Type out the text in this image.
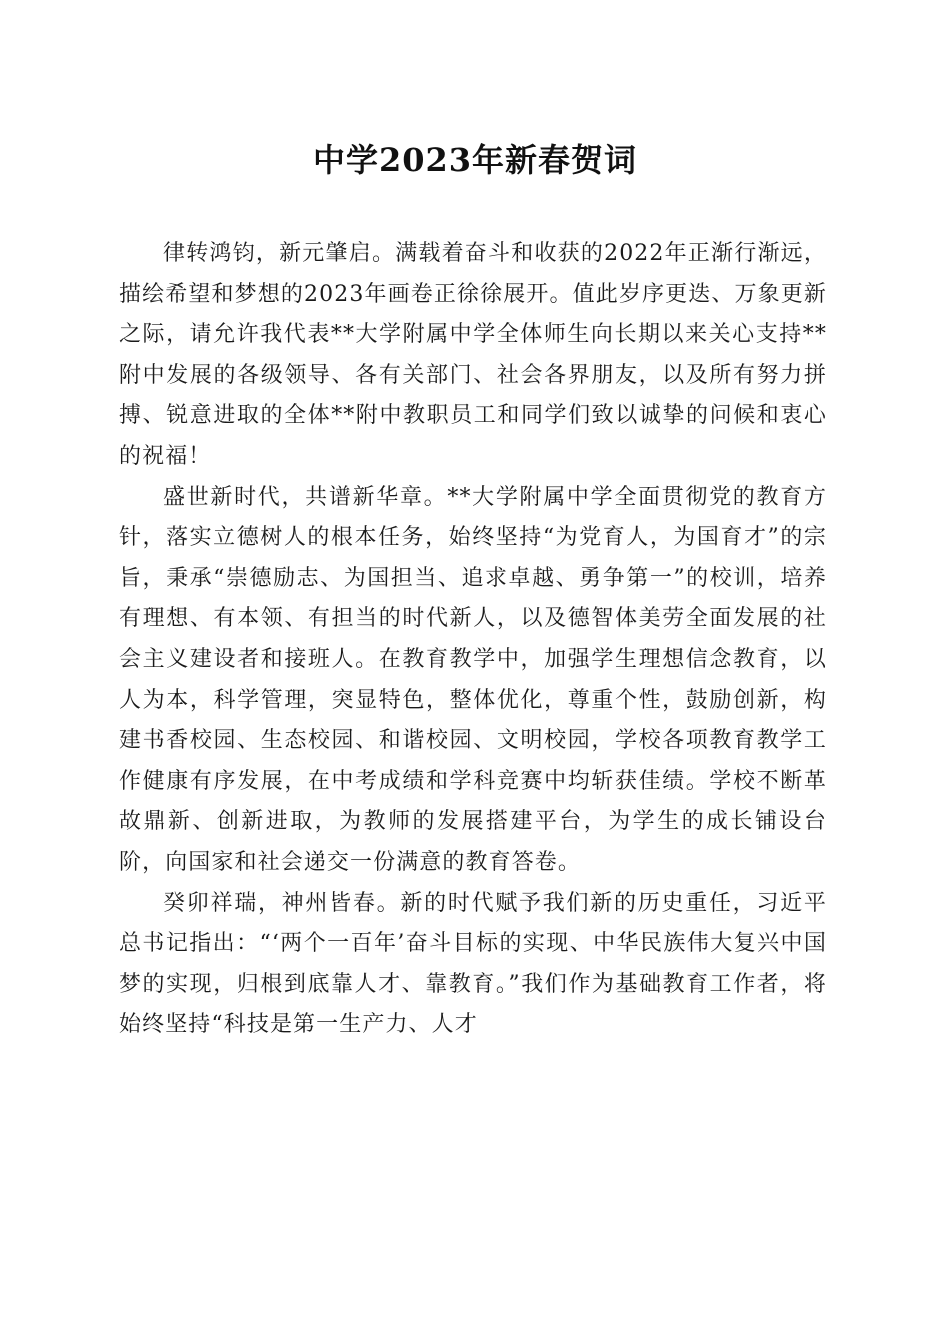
中学2023年新春贺词

律转鸿钧，新元肇启。满载着奋斗和收获的2022年正渐行渐远，描绘希望和梦想的2023年画卷正徐徐展开。值此岁序更迭、万象更新之际，请允许我代表**大学附属中学全体师生向长期以来关心支持**附中发展的各级领导、各有关部门、社会各界朋友，以及所有努力拼搏、锐意进取的全体**附中教职员工和同学们致以诚挚的问候和衷心的祝福！

盛世新时代，共谱新华章。**大学附属中学全面贯彻党的教育方针，落实立德树人的根本任务，始终坚持“为党育人，为国育才”的宗旨，秉承“崇德励志、为国担当、追求卓越、勇争第一”的校训，培养有理想、有本领、有担当的时代新人，以及德智体美劳全面发展的社会主义建设者和接班人。在教育教学中，加强学生理想信念教育，以人为本，科学管理，突显特色，整体优化，尊重个性，鼓励创新，构建书香校园、生态校园、和谐校园、文明校园，学校各项教育教学工作健康有序发展，在中考成绩和学科竞赛中均斩获佳绩。学校不断革故鼎新、创新进取，为教师的发展搭建平台，为学生的成长铺设台阶，向国家和社会递交一份满意的教育答卷。

癸卯祥瑞，神州皆春。新的时代赋予我们新的历史重任，习近平总书记指出：“‘两个一百年’奋斗目标的实现、中华民族伟大复兴中国梦的实现，归根到底靠人才、靠教育。”我们作为基础教育工作者，将始终坚持“科技是第一生产力、人才
